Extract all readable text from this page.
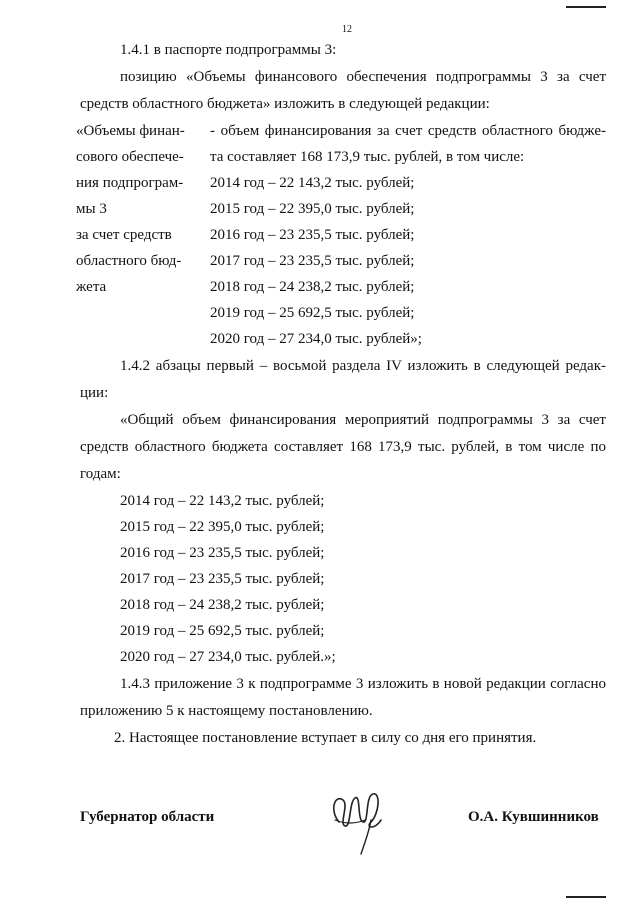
12
1.4.1 в паспорте подпрограммы 3:
позицию «Объемы финансового обеспечения подпрограммы 3 за счет
средств областного бюджета» изложить в следующей редакции:
«Объемы финан-
сового обеспече-
ния подпрограм-
мы 3
за счет средств
областного бюд-
жета
- объем финансирования за счет средств областного бюдже-
та составляет 168 173,9 тыс. рублей, в том числе:
2014 год – 22 143,2 тыс. рублей;
2015 год – 22 395,0 тыс. рублей;
2016 год – 23 235,5 тыс. рублей;
2017 год – 23 235,5 тыс. рублей;
2018 год – 24 238,2 тыс. рублей;
2019 год – 25 692,5 тыс. рублей;
2020 год – 27 234,0 тыс. рублей»;
1.4.2 абзацы первый – восьмой раздела IV изложить в следующей редак-
ции:
«Общий объем финансирования мероприятий подпрограммы 3 за счет
средств областного бюджета составляет 168 173,9 тыс. рублей, в том числе по
годам:
2014 год – 22 143,2 тыс. рублей;
2015 год – 22 395,0 тыс. рублей;
2016 год – 23 235,5 тыс. рублей;
2017 год – 23 235,5 тыс. рублей;
2018 год – 24 238,2 тыс. рублей;
2019 год – 25 692,5 тыс. рублей;
2020 год – 27 234,0 тыс. рублей.»;
1.4.3 приложение 3 к подпрограмме 3 изложить в новой редакции согласно
приложению 5 к настоящему постановлению.
2. Настоящее постановление вступает в силу со дня его принятия.
Губернатор области	О.А. Кувшинников
